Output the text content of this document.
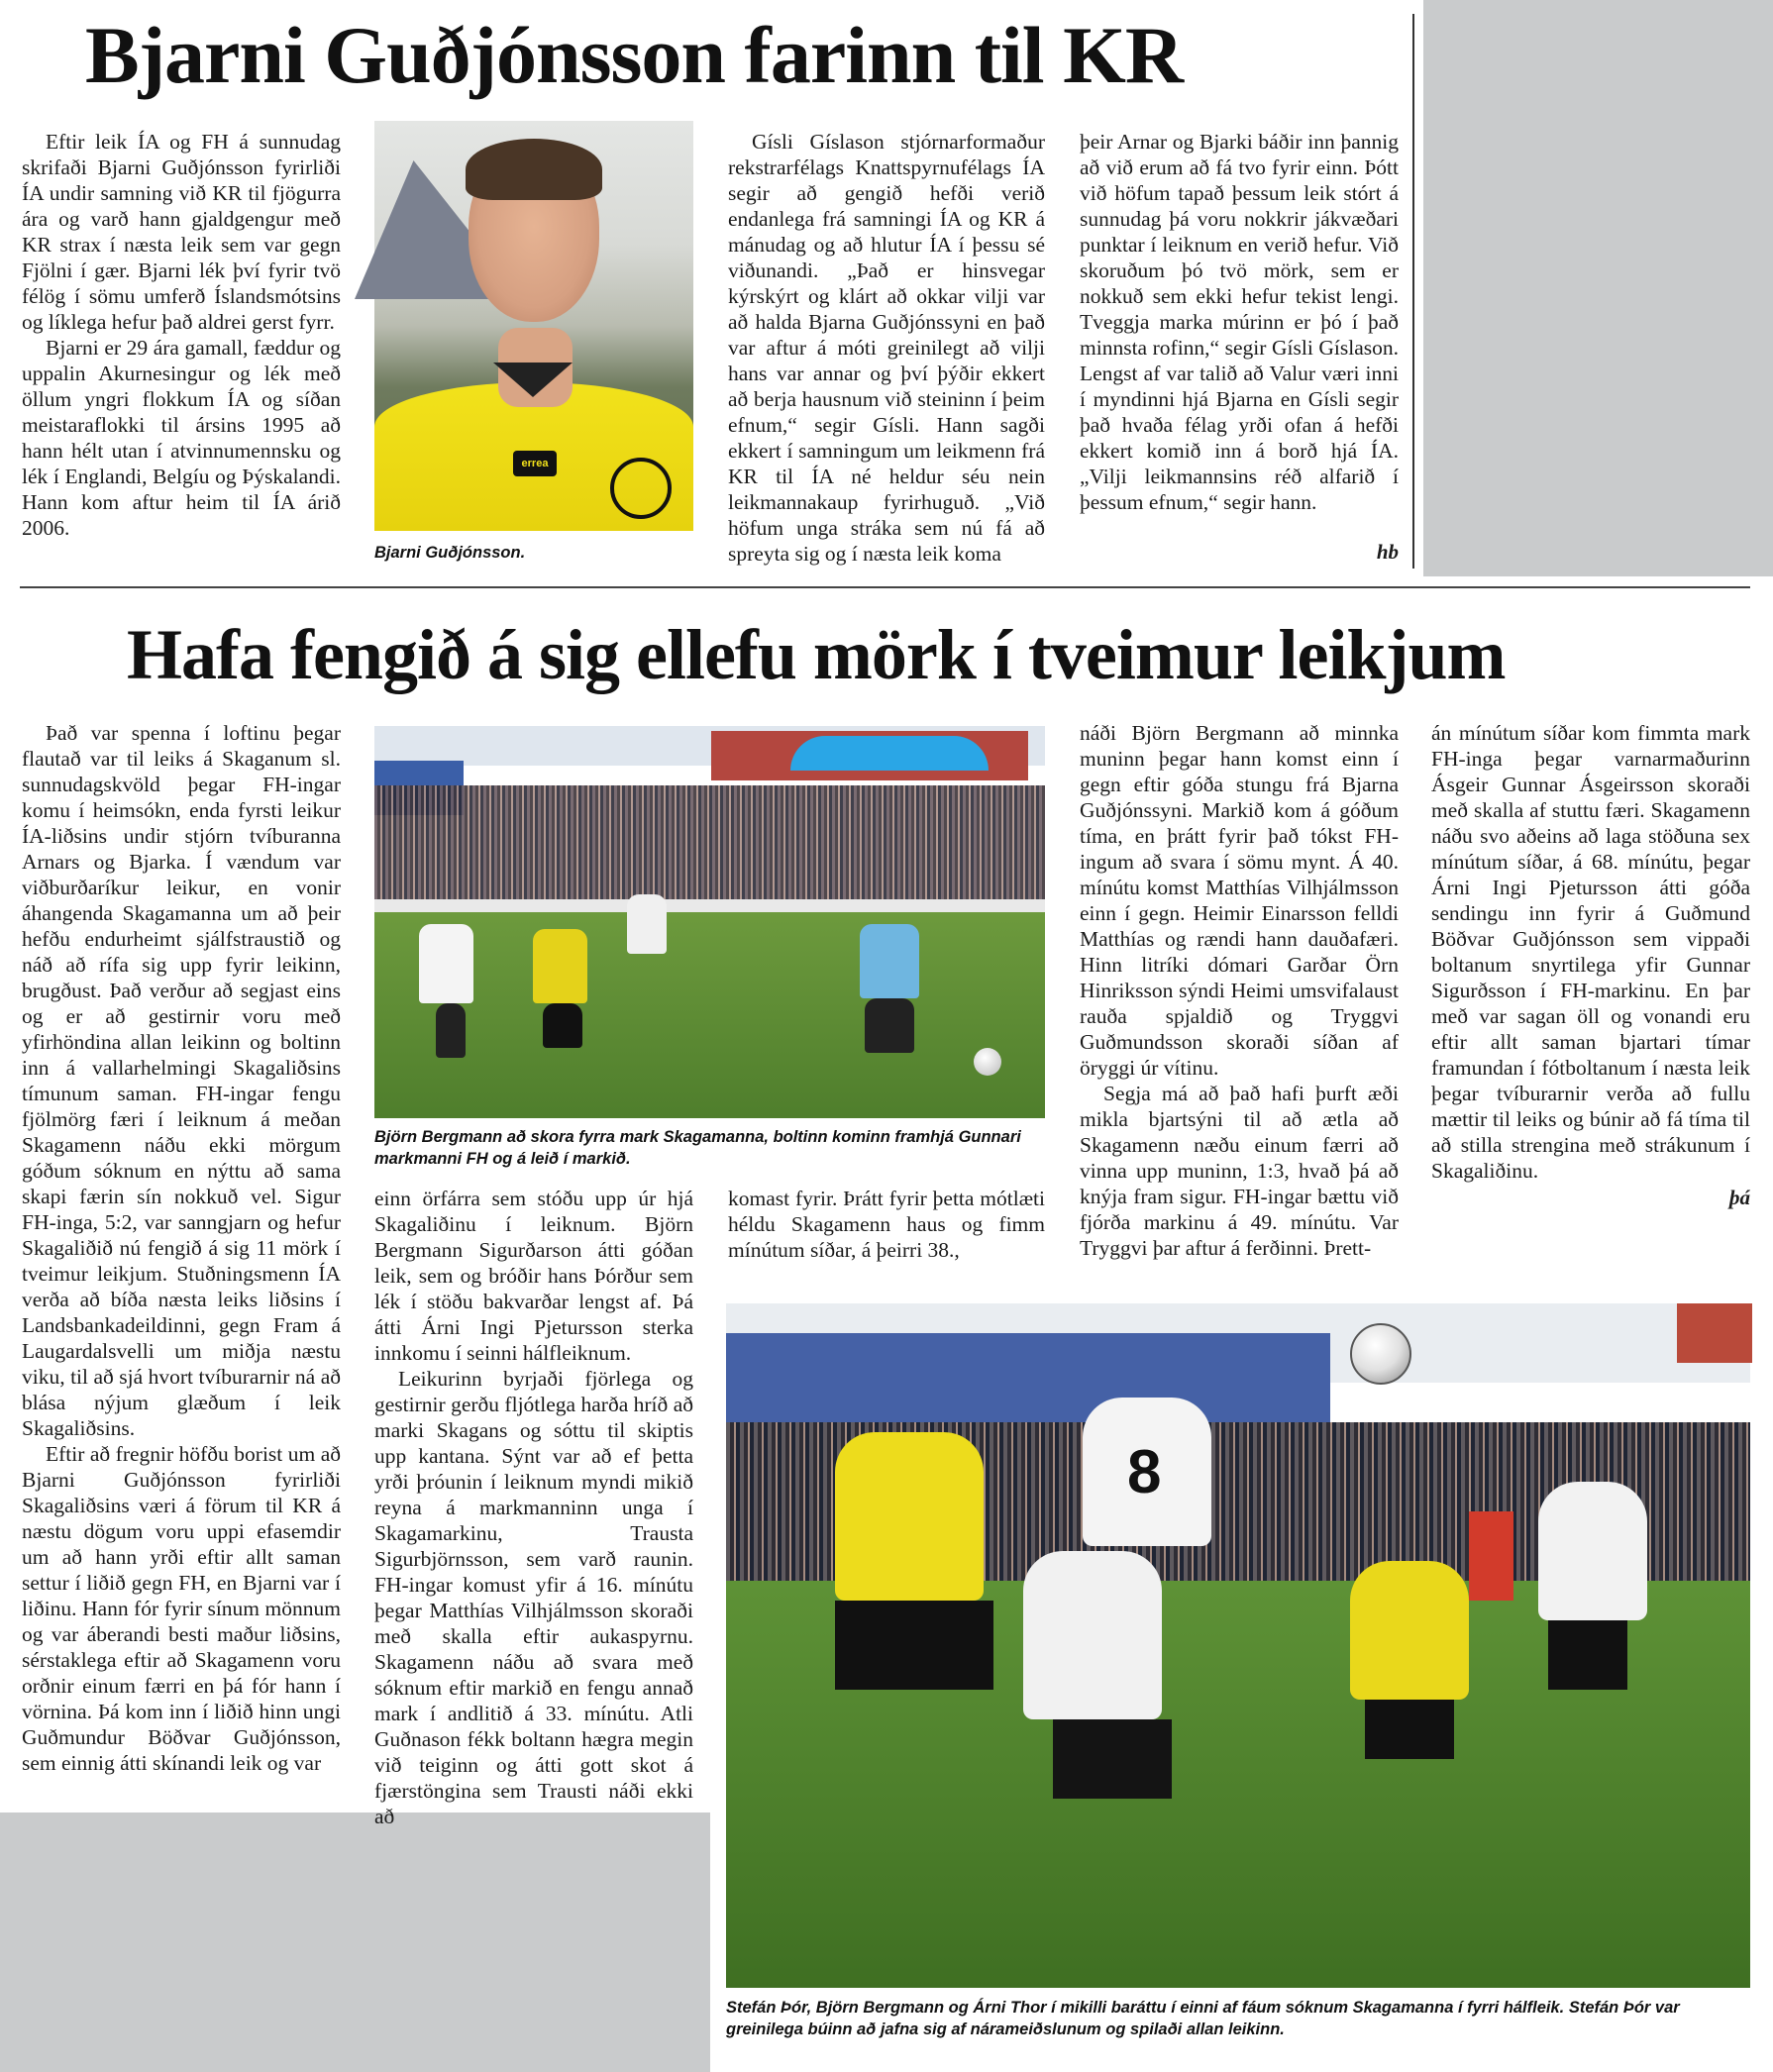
Bjarni Guðjónsson farinn til KR

Eftir leik ÍA og FH á sunnudag skrifaði Bjarni Guðjónsson fyrirliði ÍA undir samning við KR til fjögurra ára og varð hann gjaldgengur með KR strax í næsta leik sem var gegn Fjölni í gær. Bjarni lék því fyrir tvö félög í sömu umferð Íslandsmótsins og líklega hefur það aldrei gerst fyrr.

Bjarni er 29 ára gamall, fæddur og uppalin Akurnesingur og lék með öllum yngri flokkum ÍA og síðan meistaraflokki til ársins 1995 að hann hélt utan í atvinnumennsku og lék í Englandi, Belgíu og Þýskalandi. Hann kom aftur heim til ÍA árið 2006.

errea
Bjarni Guðjónsson.

Gísli Gíslason stjórnarformaður rekstrarfélags Knattspyrnufélags ÍA segir að gengið hefði verið endanlega frá samningi ÍA og KR á mánudag og að hlutur ÍA í þessu sé viðunandi. „Það er hinsvegar kýrskýrt og klárt að okkar vilji var að halda Bjarna Guðjónssyni en það var aftur á móti greinilegt að vilji hans var annar og því þýðir ekkert að berja hausnum við steininn í þeim efnum,“ segir Gísli. Hann sagði ekkert í samningum um leikmenn frá KR til ÍA né heldur séu nein leikmannakaup fyrirhuguð. „Við höfum unga stráka sem nú fá að spreyta sig og í næsta leik koma

þeir Arnar og Bjarki báðir inn þannig að við erum að fá tvo fyrir einn. Þótt við höfum tapað þessum leik stórt á sunnudag þá voru nokkrir jákvæðari punktar í leiknum en verið hefur. Við skoruðum þó tvö mörk, sem er nokkuð sem ekki hefur tekist lengi. Tveggja marka múrinn er þó í það minnsta rofinn,“ segir Gísli Gíslason. Lengst af var talið að Valur væri inni í myndinni hjá Bjarna en Gísli segir það hvaða félag yrði ofan á hefði ekkert komið inn á borð hjá ÍA. „Vilji leikmannsins réð alfarið í þessum efnum,“ segir hann.

hb
Hafa fengið á sig ellefu mörk í tveimur leikjum

Það var spenna í loftinu þegar flautað var til leiks á Skaganum sl. sunnudagskvöld þegar FH-ingar komu í heimsókn, enda fyrsti leikur ÍA-liðsins undir stjórn tvíburanna Arnars og Bjarka. Í vændum var viðburðaríkur leikur, en vonir áhangenda Skagamanna um að þeir hefðu endurheimt sjálfstraustið og náð að rífa sig upp fyrir leikinn, brugðust. Það verður að segjast eins og er að gestirnir voru með yfirhöndina allan leikinn og boltinn inn á vallarhelmingi Skagaliðsins tímunum saman. FH-ingar fengu fjölmörg færi í leiknum á meðan Skagamenn náðu ekki mörgum góðum sóknum en nýttu að sama skapi færin sín nokkuð vel. Sigur FH-inga, 5:2, var sanngjarn og hefur Skagaliðið nú fengið á sig 11 mörk í tveimur leikjum. Stuðningsmenn ÍA verða að bíða næsta leiks liðsins í Landsbankadeildinni, gegn Fram á Laugardalsvelli um miðja næstu viku, til að sjá hvort tvíburarnir ná að blása nýjum glæðum í leik Skagaliðsins.

Eftir að fregnir höfðu borist um að Bjarni Guðjónsson fyrirliði Skagaliðsins væri á förum til KR á næstu dögum voru uppi efasemdir um að hann yrði eftir allt saman settur í liðið gegn FH, en Bjarni var í liðinu. Hann fór fyrir sínum mönnum og var áberandi besti maður liðsins, sérstaklega eftir að Skagamenn voru orðnir einum færri en þá fór hann í vörnina. Þá kom inn í liðið hinn ungi Guðmundur Böðvar Guðjónsson, sem einnig átti skínandi leik og var

Björn Bergmann að skora fyrra mark Skagamanna, boltinn kominn framhjá Gunnari markmanni FH og á leið í markið.

einn örfárra sem stóðu upp úr hjá Skagaliðinu í leiknum. Björn Bergmann Sigurðarson átti góðan leik, sem og bróðir hans Þórður sem lék í stöðu bakvarðar lengst af. Þá átti Árni Ingi Pjetursson sterka innkomu í seinni hálfleiknum.

Leikurinn byrjaði fjörlega og gestirnir gerðu fljótlega harða hríð að marki Skagans og sóttu til skiptis upp kantana. Sýnt var að ef þetta yrði þróunin í leiknum myndi mikið reyna á markmanninn unga í Skagamarkinu, Trausta Sigurbjörnsson, sem varð raunin. FH-ingar komust yfir á 16. mínútu þegar Matthías Vilhjálmsson skoraði með skalla eftir aukaspyrnu. Skagamenn náðu að svara með sóknum eftir markið en fengu annað mark í andlitið á 33. mínútu. Atli Guðnason fékk boltann hægra megin við teiginn og átti gott skot á fjærstöngina sem Trausti náði ekki að

komast fyrir. Þrátt fyrir þetta mótlæti héldu Skagamenn haus og fimm mínútum síðar, á þeirri 38.,

náði Björn Bergmann að minnka muninn þegar hann komst einn í gegn eftir góða stungu frá Bjarna Guðjónssyni. Markið kom á góðum tíma, en þrátt fyrir það tókst FH-ingum að svara í sömu mynt. Á 40. mínútu komst Matthías Vilhjálmsson einn í gegn. Heimir Einarsson felldi Matthías og rændi hann dauðafæri. Hinn litríki dómari Garðar Örn Hinriksson sýndi Heimi umsvifalaust rauða spjaldið og Tryggvi Guðmundsson skoraði síðan af öryggi úr vítinu.

Segja má að það hafi þurft æði mikla bjartsýni til að ætla að Skagamenn næðu einum færri að vinna upp muninn, 1:3, hvað þá að knýja fram sigur. FH-ingar bættu við fjórða markinu á 49. mínútu. Var Tryggvi þar aftur á ferðinni. Þrett-

án mínútum síðar kom fimmta mark FH-inga þegar varnarmaðurinn Ásgeir Gunnar Ásgeirsson skoraði með skalla af stuttu færi. Skagamenn náðu svo aðeins að laga stöðuna sex mínútum síðar, á 68. mínútu, þegar Árni Ingi Pjetursson átti góða sendingu inn fyrir á Guðmund Böðvar Guðjónsson sem vippaði boltanum snyrtilega yfir Gunnar Sigurðsson í FH-markinu. En þar með var sagan öll og vonandi eru eftir allt saman bjartari tímar framundan í fótboltanum í næsta leik þegar tvíburarnir verða að fullu mættir til leiks og búnir að fá tíma til að stilla strengina með strákunum í Skagaliðinu.

þá
8
Stefán Þór, Björn Bergmann og Árni Thor í mikilli baráttu í einni af fáum sóknum Skagamanna í fyrri hálfleik. Stefán Þór var greinilega búinn að jafna sig af nárameiðslunum og spilaði allan leikinn.
